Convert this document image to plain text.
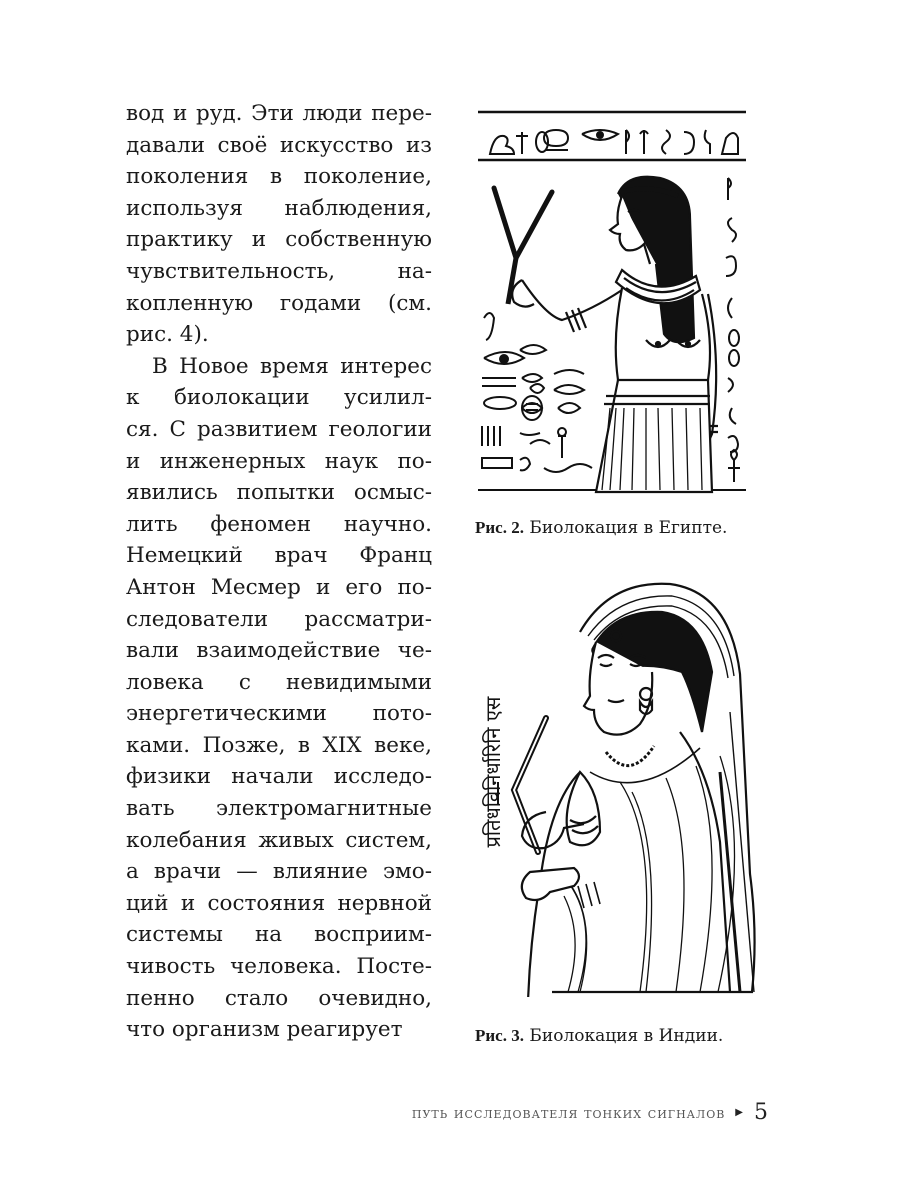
вод и руд. Эти люди пере-
давали своё искусство из
поколения в поколение,
используя наблюдения,
практику и собственную
чувствительность, на-
копленную годами (см.
рис. 4).
В Новое время интерес
к биолокации усилил-
ся. С развитием геологии
и инженерных наук по-
явились попытки осмыс-
лить феномен научно.
Немецкий врач Франц
Антон Месмер и его по-
следователи рассматри-
вали взаимодействие че-
ловека с невидимыми
энергетическими пото-
ками. Позже, в XIX веке,
физики начали исследо-
вать электромагнитные
колебания живых систем,
а врачи — влияние эмо-
ций и состояния нервной
системы на восприим-
чивость человека. Посте-
пенно стало очевидно,
что организм реагирует
Рис. 2. Биолокация в Египте.
प्रतिधविनिर्धारिनि एस
Рис. 3. Биолокация в Индии.
путь исследователя тонких сигналов ▶ 5
